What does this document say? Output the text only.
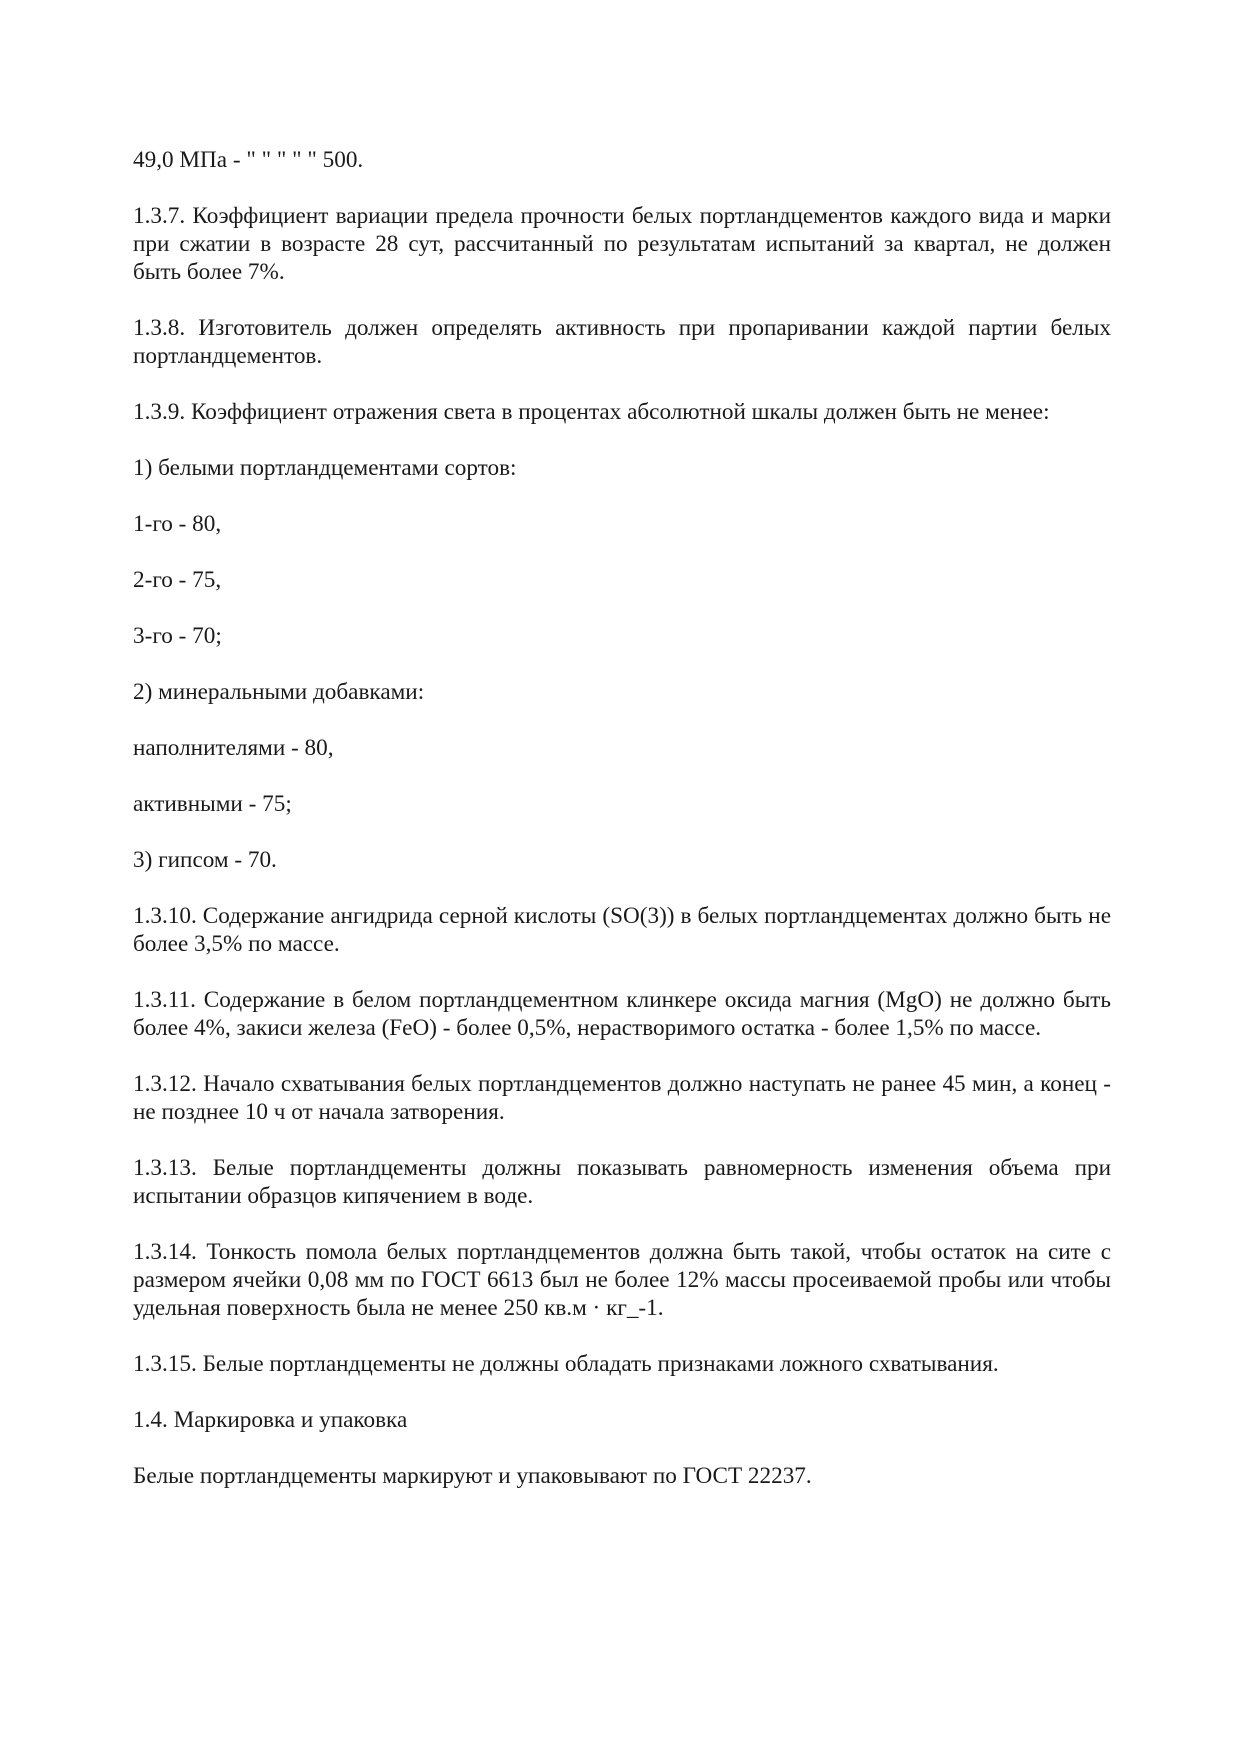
49,0 МПа - " " " " " 500.

1.3.7. Коэффициент вариации предела прочности белых портландцементов каждого вида и марки при сжатии в возрасте 28 сут, рассчитанный по результатам испытаний за квартал, не должен быть более 7%.

1.3.8. Изготовитель должен определять активность при пропаривании каждой партии белых портландцементов.

1.3.9. Коэффициент отражения света в процентах абсолютной шкалы должен быть не менее:

1) белыми портландцементами сортов:

1-го - 80,

2-го - 75,

3-го - 70;

2) минеральными добавками:

наполнителями - 80,

активными - 75;

3) гипсом - 70.

1.3.10. Содержание ангидрида серной кислоты (SO(3)) в белых портландцементах должно быть не более 3,5% по массе.

1.3.11. Содержание в белом портландцементном клинкере оксида магния (MgO) не должно быть более 4%, закиси железа (FeO) - более 0,5%, нерастворимого остатка - более 1,5% по массе.

1.3.12. Начало схватывания белых портландцементов должно наступать не ранее 45 мин, а конец - не позднее 10 ч от начала затворения.

1.3.13. Белые портландцементы должны показывать равномерность изменения объема при испытании образцов кипячением в воде.

1.3.14. Тонкость помола белых портландцементов должна быть такой, чтобы остаток на сите с размером ячейки 0,08 мм по ГОСТ 6613 был не более 12% массы просеиваемой пробы или чтобы удельная поверхность была не менее 250 кв.м · кг_-1.

1.3.15. Белые портландцементы не должны обладать признаками ложного схватывания.

1.4. Маркировка и упаковка

Белые портландцементы маркируют и упаковывают по ГОСТ 22237.
